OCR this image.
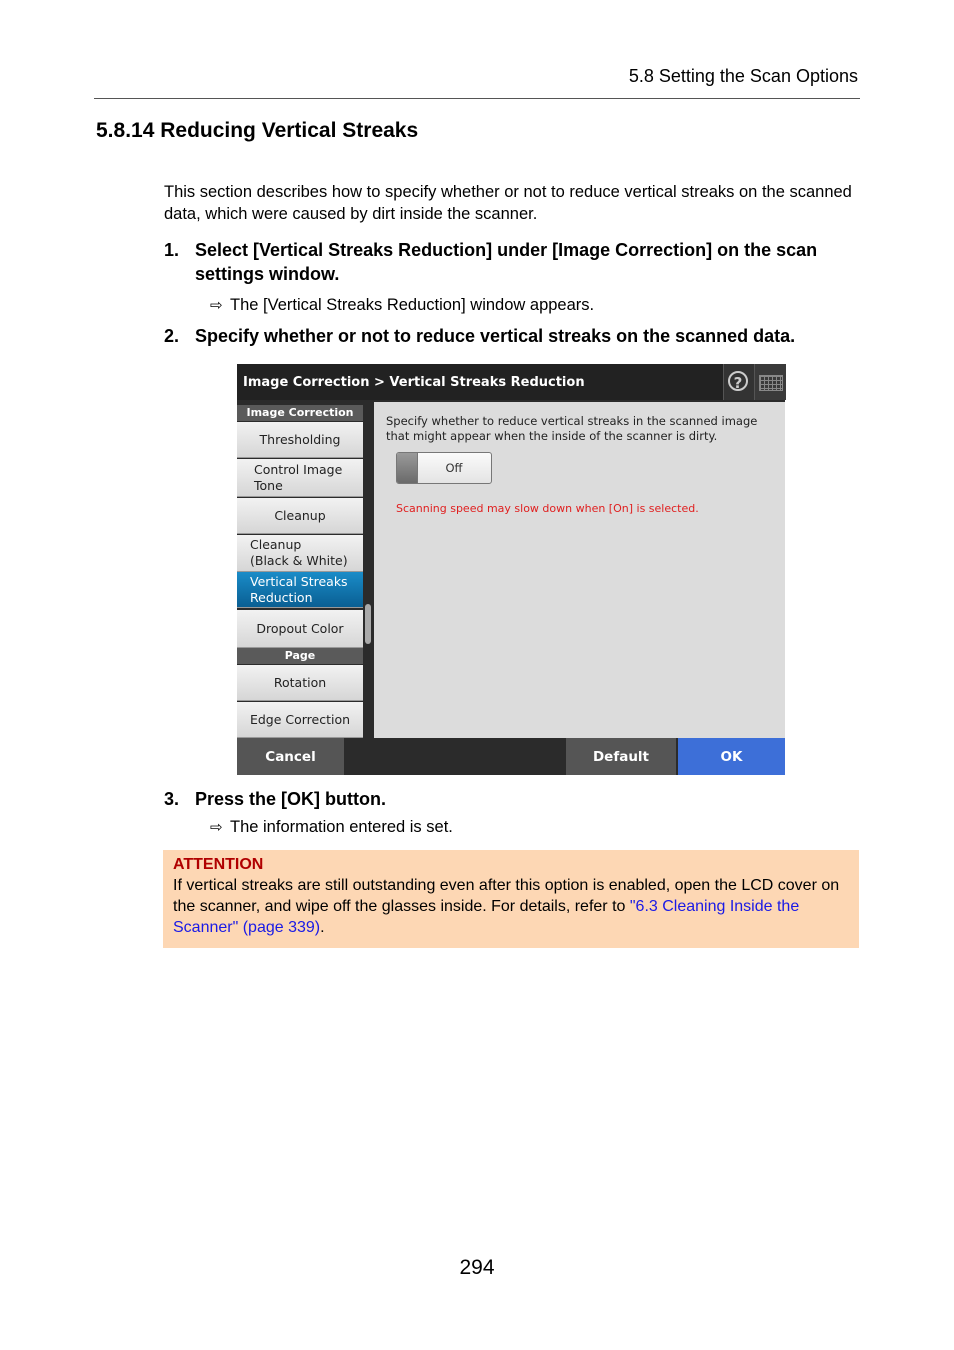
5.8 Setting the Scan Options
5.8.14 Reducing Vertical Streaks

This section describes how to specify whether or not to reduce vertical streaks on the scanned data, which were caused by dirt inside the scanner.

1. Select [Vertical Streaks Reduction] under [Image Correction] on the scan settings window.
⇨ The [Vertical Streaks Reduction] window appears.
2. Specify whether or not to reduce vertical streaks on the scanned data.
Image Correction > Vertical Streaks Reduction	?
Image Correction
Thresholding
Control Image
Tone
Cleanup
Cleanup
(Black & White)
Vertical Streaks
Reduction
Dropout Color
Page
Rotation
Edge Correction
Specify whether to reduce vertical streaks in the scanned image that might appear when the inside of the scanner is dirty.
Off
Scanning speed may slow down when [On] is selected.
Cancel	Default	OK
3. Press the [OK] button.
⇨ The information entered is set.
ATTENTION
If vertical streaks are still outstanding even after this option is enabled, open the LCD cover on the scanner, and wipe off the glasses inside. For details, refer to "6.3 Cleaning Inside the Scanner" (page 339).
294
